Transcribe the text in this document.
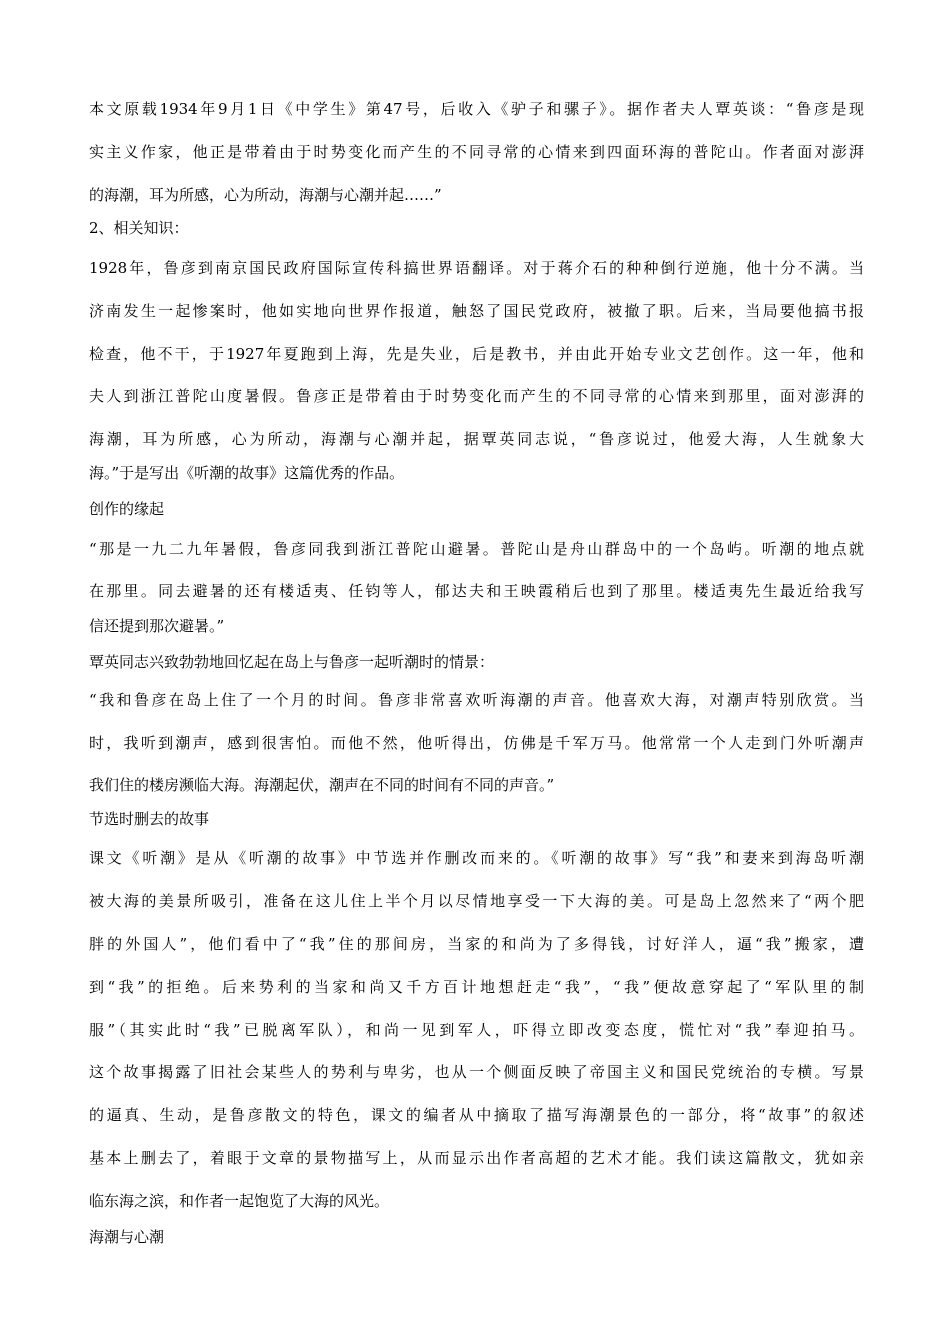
本文原载1934年9月1日《中学生》第47号，后收入《驴子和骡子》。据作者夫人覃英谈：“鲁彦是现
实主义作家，他正是带着由于时势变化而产生的不同寻常的心情来到四面环海的普陀山。作者面对澎湃
的海潮，耳为所感，心为所动，海潮与心潮并起……”
2、相关知识：
1928年，鲁彦到南京国民政府国际宣传科搞世界语翻译。对于蒋介石的种种倒行逆施，他十分不满。当
济南发生一起惨案时，他如实地向世界作报道，触怒了国民党政府，被撤了职。后来，当局要他搞书报
检查，他不干，于1927年夏跑到上海，先是失业，后是教书，并由此开始专业文艺创作。这一年，他和
夫人到浙江普陀山度暑假。鲁彦正是带着由于时势变化而产生的不同寻常的心情来到那里，面对澎湃的
海潮，耳为所感，心为所动，海潮与心潮并起，据覃英同志说，“鲁彦说过，他爱大海，人生就象大
海。”于是写出《听潮的故事》这篇优秀的作品。
创作的缘起
“那是一九二九年暑假，鲁彦同我到浙江普陀山避暑。普陀山是舟山群岛中的一个岛屿。听潮的地点就
在那里。同去避暑的还有楼适夷、任钧等人，郁达夫和王映霞稍后也到了那里。楼适夷先生最近给我写
信还提到那次避暑。”
覃英同志兴致勃勃地回忆起在岛上与鲁彦一起听潮时的情景：
“我和鲁彦在岛上住了一个月的时间。鲁彦非常喜欢听海潮的声音。他喜欢大海，对潮声特别欣赏。当
时，我听到潮声，感到很害怕。而他不然，他听得出，仿佛是千军万马。他常常一个人走到门外听潮声
我们住的楼房濒临大海。海潮起伏，潮声在不同的时间有不同的声音。”
节选时删去的故事
课文《听潮》是从《听潮的故事》中节选并作删改而来的。《听潮的故事》写“我”和妻来到海岛听潮
被大海的美景所吸引，准备在这儿住上半个月以尽情地享受一下大海的美。可是岛上忽然来了“两个肥
胖的外国人”，他们看中了“我”住的那间房，当家的和尚为了多得钱，讨好洋人，逼“我”搬家，遭
到“我”的拒绝。后来势利的当家和尚又千方百计地想赶走“我”，“我”便故意穿起了“军队里的制
服”（其实此时“我”已脱离军队），和尚一见到军人，吓得立即改变态度，慌忙对“我”奉迎拍马。
这个故事揭露了旧社会某些人的势利与卑劣，也从一个侧面反映了帝国主义和国民党统治的专横。写景
的逼真、生动，是鲁彦散文的特色，课文的编者从中摘取了描写海潮景色的一部分，将“故事”的叙述
基本上删去了，着眼于文章的景物描写上，从而显示出作者高超的艺术才能。我们读这篇散文，犹如亲
临东海之滨，和作者一起饱览了大海的风光。
海潮与心潮
